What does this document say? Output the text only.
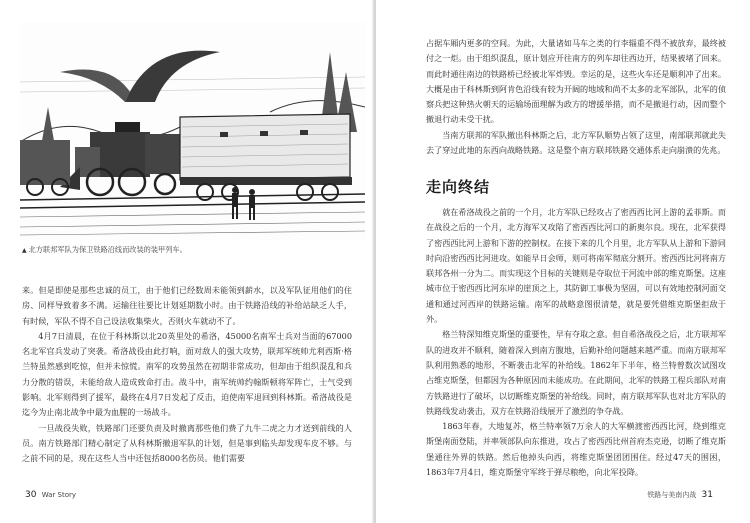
▲ 北方联邦军队为保卫铁路沿线而改装的装甲列车。

来。但是即使是那些忠诚的员工，由于他们已经数周未能领到薪水，以及军队征用他们的住房、同样导致着多不满。运输往往要比计划延期数小时。由于铁路沿线的补给站缺乏人手，有时候，军队不得不自己设法收集柴火，否则火车就动不了。

4月7日清晨，在位于科林斯以北20英里处的希洛，45000名南军士兵对当面的67000名北军官兵发动了突袭。希洛战役由此打响，面对敌人的强大攻势，联邦军统帅尤利西斯·格兰特虽然感到吃惊，但并未惊慌。南军的攻势虽然在初期非常成功，但却由于组织混乱和兵力分散的错误，未能给敌人造成致命打击。战斗中，南军统帅约翰斯顿将军阵亡，士气受到影响。北军则得到了援军，最终在4月7日发起了反击，迫使南军退回到科林斯。希洛战役是迄今为止南北战争中最为血腥的一场战斗。

一旦战役失败，铁路部门还要负责及时撤离那些他们费了九牛二虎之力才送到前线的人员。南方铁路部门精心制定了从科林斯撤退军队的计划，但是事到临头却发现车皮不够。与之前不同的是，现在这些人当中还包括8000名伤员。他们需要

30 War Story

占据车厢内更多的空间。为此，大量诸如马车之类的行李辎重不得不被放弃，最终被付之一炬。由于组织混乱，原计划应开往南方的列车却往西边开，结果被堵了回来。而此时通往南边的铁路桥已经被北军炸毁。幸运的是，这些火车还是顺利冲了出来。大概是由于科林斯到阿肯色沿线有较为开阔的地域和尚不太多的北军部队，北军的侦察兵把这种热火朝天的运输场面理解为政方的增援举措，而不是撤退行动，因而整个撤退行动未受干扰。

当南方联邦的军队撤出科林斯之后，北方军队顺势占领了这里，南部联邦就此失去了穿过此地的东西向战略铁路。这是整个南方联邦铁路交通体系走向崩溃的先兆。

走向终结

就在希洛战役之前的一个月，北方军队已经攻占了密西西比河上游的孟菲斯。而在战役之后的一个月，北方海军又攻陷了密西西比河口的新奥尔良。现在，北军获得了密西西比河上游和下游的控制权。在接下来的几个月里，北方军队从上游和下游同时向沿密西西比河进攻。如能早日会师，则可将南军彻底分割开。密西西比河将南方联邦各州一分为二。而实现这个目标的关键则是夺取位于河流中部的维克斯堡。这座城市位于密西西比河东岸的崖顶之上，其防御工事极为坚固，可以有效地控制河面交通和通过河西岸的铁路运输。南军的战略意图很清楚，就是要凭借维克斯堡拒敌于外。

格兰特深知维克斯堡的重要性，早有夺取之意。但自希洛战役之后，北方联邦军队的进攻并不顺利，随着深入到南方腹地，后勤补给问题越来越严重。而南方联邦军队利用熟悉的地形，不断袭击北军的补给线。1862年下半年，格兰特曾数次试图攻占维克斯堡，但都因为各种原因而未能成功。在此期间，北军的铁路工程兵部队对南方铁路进行了破坏，以切断维克斯堡的补给线。同时，南方联邦军队也对北方军队的铁路线发动袭击，双方在铁路沿线展开了激烈的争夺战。

1863年春，大地复苏，格兰特率领7万余人的大军横渡密西西比河，绕到维克斯堡南面登陆，并率领部队向东推进，攻占了密西西比州首府杰克逊，切断了维克斯堡通往外界的铁路。然后他掉头向西，将维克斯堡团团围住。经过47天的围困，1863年7月4日，维克斯堡守军终于弹尽粮绝，向北军投降。

铁路与美南内战 31
